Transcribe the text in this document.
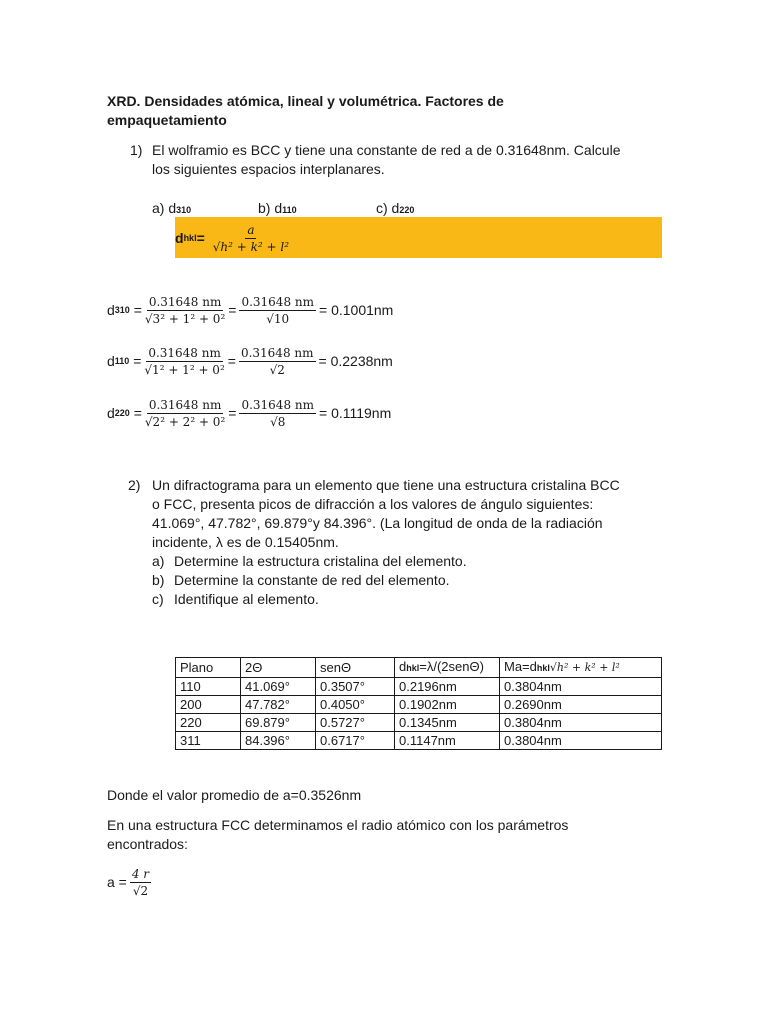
XRD. Densidades atómica, lineal y volumétrica. Factores de
empaquetamiento
1) El wolframio es BCC y tiene una constante de red a de 0.31648nm. Calcule
los siguientes espacios interplanares.
a) d310	b) d110	c) d220
d hkl = $\frac{a}{\text{√h² + k² + l²}}$
d $310 = \frac{0.31648 nm}{\text{√3² + 1² + 0²}} = \frac{0.31648 nm}{√10} = 0.1001nm$
d $110 = \frac{0.31648 nm}{\text{√1² + 1² + 0²}} = \frac{0.31648 nm}{√2} = 0.2238nm$
d $220 = \frac{0.31648 nm}{\text{√2² + 2² + 0²}} = \frac{0.31648 nm}{√8} = 0.1119nm$
2) Un difractograma para un elemento que tiene una estructura cristalina BCC
o FCC, presenta picos de difracción a los valores de ángulo siguientes:
41.069°, 47.782°, 69.879°y 84.396°. (La longitud de onda de la radiación
incidente, λ es de 0.15405nm.
a) Determine la estructura cristalina del elemento.
b) Determine la constante de red del elemento.
c) Identifique al elemento.
Plano	2Θ	senΘ	dhkl=λ/(2senΘ)	Ma=dhkl√h² + k² + l²
110	41.069°	0.3507°	0.2196nm	0.3804nm
200	47.782°	0.4050°	0.1902nm	0.2690nm
220	69.879°	0.5727°	0.1345nm	0.3804nm
311	84.396°	0.6717°	0.1147nm	0.3804nm
Donde el valor promedio de a=0.3526nm
En una estructura FCC determinamos el radio atómico con los parámetros
encontrados:
$a = \frac{4 r}{√2}$
